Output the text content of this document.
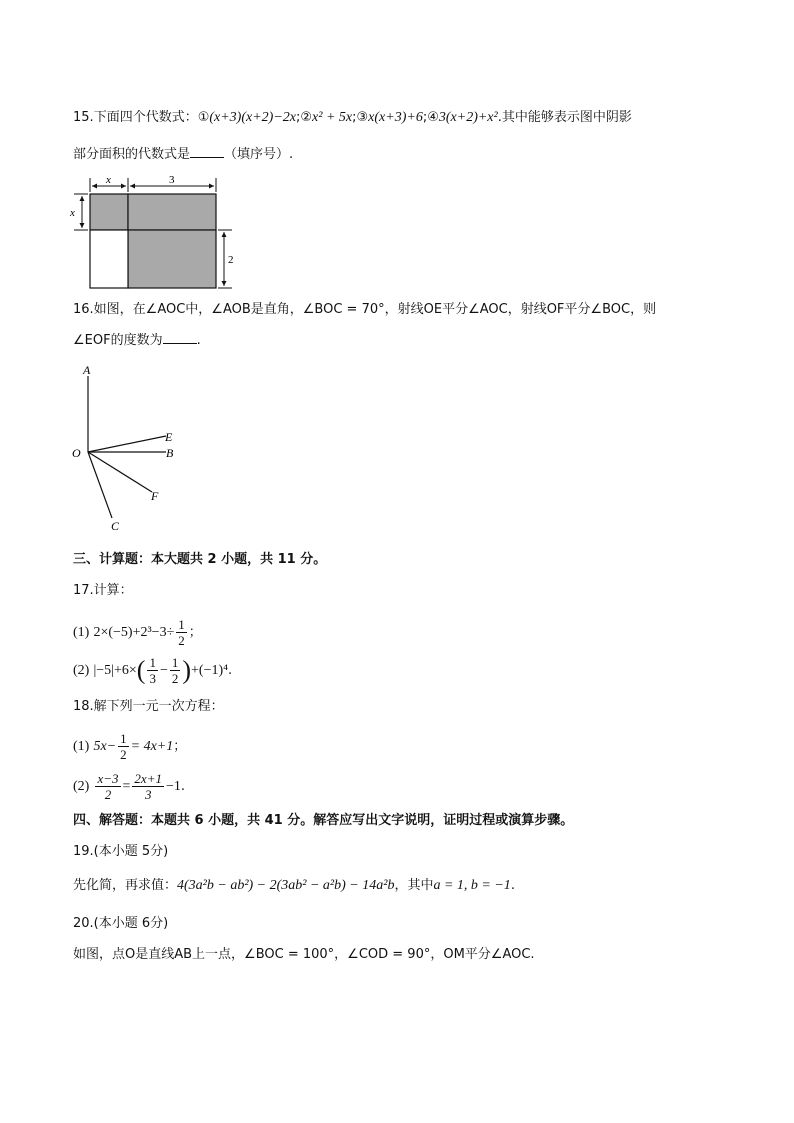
15.下面四个代数式：①(x+3)(x+2)−2x;②x² + 5x;③x(x+3)+6;④3(x+2)+x².其中能够表示图中阴影
部分面积的代数式是	（填序号）.
x	3
x
2
16.如图，在∠AOC中，∠AOB是直角，∠BOC = 70°，射线OE平分∠AOC，射线OF平分∠BOC，则
∠EOF的度数为	.
A
O
E
B
F
C
三、计算题：本大题共 2 小题，共 11 分。
17.计算：
(1) $2\times(-5)+2^3-3\div \frac{1}{2}$ ；
(2) $|-5|+6\times( \frac{1}{3} - \frac{1}{2} )+(-1)^4$.
18.解下列一元一次方程：
(1) $5x- \frac{1}{2} = 4x+1$；
$(2) \frac{x-3}{2} = \frac{2x+1}{3} -1$.
四、解答题：本题共 6 小题，共 41 分。解答应写出文字说明，证明过程或演算步骤。
19.(本小题 5分)
先化简，再求值：4(3a²b − ab²) − 2(3ab² − a²b) − 14a²b，其中a = 1, b = −1.
20.(本小题 6分)
如图，点O是直线AB上一点，∠BOC = 100°，∠COD = 90°，OM平分∠AOC.
